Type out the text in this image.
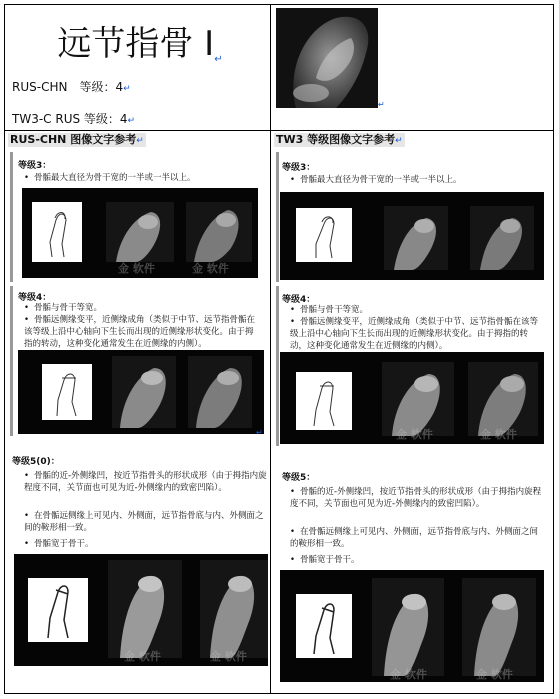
远节指骨 I↵
RUS-CHN　等级：4↵
TW3-C RUS 等级：4↵
↵
RUS-CHN 图像文字参考↵
等级3：
• 骨骺最大直径为骨干宽的一半或一半以上。
金 软件	金 软件
等级4：
• 骨骺与骨干等宽。
• 骨骺远侧缘变平，近侧缘成角（类似于中节、远节指骨骺在该等级上沿中心轴向下生长而出现的近侧缘形状变化。由于拇指的转动，这种变化通常发生在近侧缘的内侧）。
↵
等级5(0)：
• 骨骺的近-外侧缘凹，按近节指骨头的形状成形（由于拇指内旋程度不同，关节面也可见为近-外侧缘内的致密凹陷）。
• 在骨骺远侧缘上可见内、外侧面，远节指骨底与内、外侧面之间的鞍形相一致。
• 骨骺宽于骨干。
金 软件	金 软件
TW3 等级图像文字参考↵
等级3：
• 骨骺最大直径为骨干宽的一半或一半以上。
等级4：
• 骨骺与骨干等宽。
• 骨骺远侧缘变平，近侧缘成角（类似于中节、远节指骨骺在该等级上沿中心轴向下生长而出现的近侧缘形状变化。由于拇指的转动，这种变化通常发生在近侧缘的内侧）。
金 软件	金 软件
等级5：
• 骨骺的近-外侧缘凹，按近节指骨头的形状成形（由于拇指内旋程度不同，关节面也可见为近-外侧缘内的致密凹陷）。
• 在骨骺远侧缘上可见内、外侧面，远节指骨底与内、外侧面之间的鞍形相一致。
• 骨骺宽于骨干。
金 软件	金 软件
